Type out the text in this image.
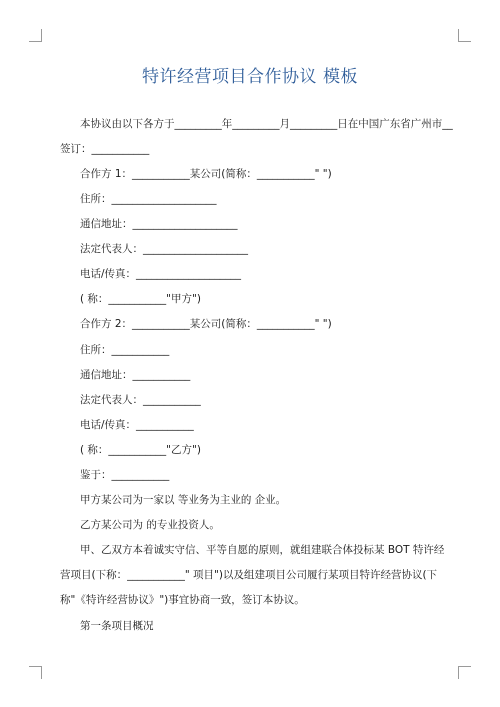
特许经营项目合作协议 模板
本协议由以下各方于_________年_________月_________日在中国广东省广州市__
签订：___________
合作方 1：___________某公司(简称：___________" ")
住所：____________________
通信地址：____________________
法定代表人：____________________
电话/传真：____________________
( 称：___________"甲方")
合作方 2：___________某公司(简称：___________" ")
住所：___________
通信地址：___________
法定代表人：___________
电话/传真：___________
( 称：___________"乙方")
鉴于：___________
甲方某公司为一家以 等业务为主业的 企业。
乙方某公司为 的专业投资人。
甲、乙双方本着诚实守信、平等自愿的原则，就组建联合体投标某 BOT 特许经
营项目(下称：___________" 项目")以及组建项目公司履行某项目特许经营协议(下
称"《特许经营协议》")事宜协商一致，签订本协议。
第一条项目概况
